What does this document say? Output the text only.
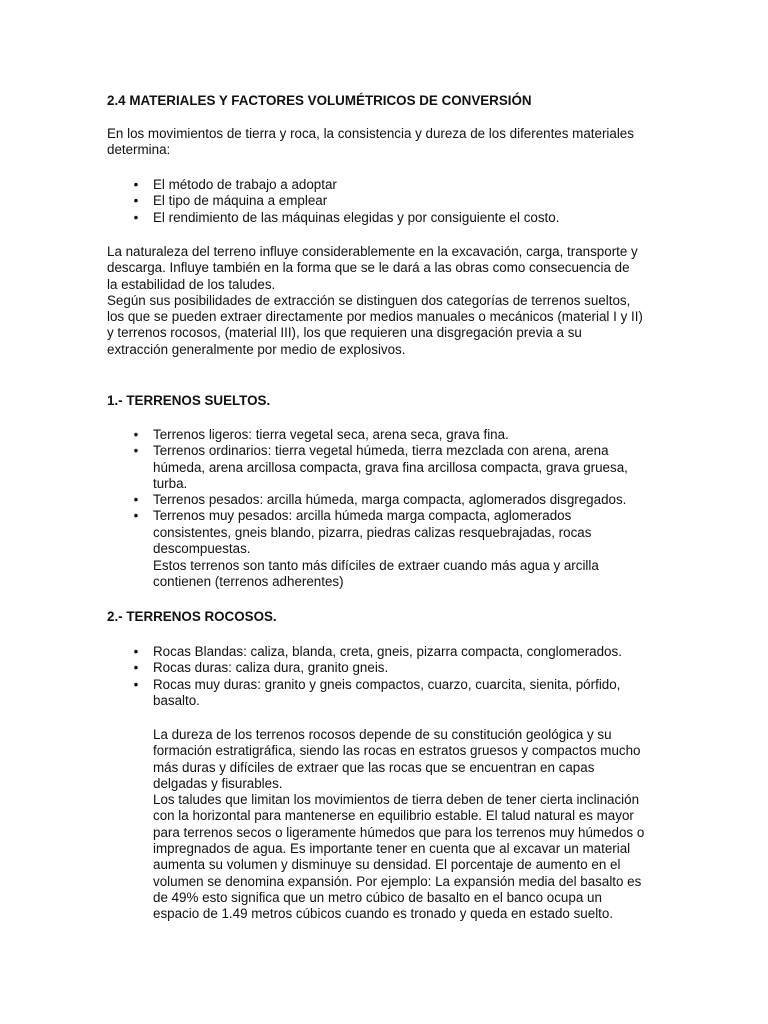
2.4 MATERIALES Y FACTORES VOLUMÉTRICOS DE CONVERSIÓN
En los movimientos de tierra y roca, la consistencia y dureza de los diferentes materiales
determina:
• El método de trabajo a adoptar
• El tipo de máquina a emplear
• El rendimiento de las máquinas elegidas y por consiguiente el costo.
La naturaleza del terreno influye considerablemente en la excavación, carga, transporte y
descarga. Influye también en la forma que se le dará a las obras como consecuencia de
la estabilidad de los taludes.
Según sus posibilidades de extracción se distinguen dos categorías de terrenos sueltos,
los que se pueden extraer directamente por medios manuales o mecánicos (material I y II)
y terrenos rocosos, (material III), los que requieren una disgregación previa a su
extracción generalmente por medio de explosivos.
1.- TERRENOS SUELTOS.
• Terrenos ligeros: tierra vegetal seca, arena seca, grava fina.
• Terrenos ordinarios: tierra vegetal húmeda, tierra mezclada con arena, arena
húmeda, arena arcillosa compacta, grava fina arcillosa compacta, grava gruesa,
turba.
• Terrenos pesados: arcilla húmeda, marga compacta, aglomerados disgregados.
• Terrenos muy pesados: arcilla húmeda marga compacta, aglomerados
consistentes, gneis blando, pizarra, piedras calizas resquebrajadas, rocas
descompuestas.
Estos terrenos son tanto más difíciles de extraer cuando más agua y arcilla
contienen (terrenos adherentes)
2.- TERRENOS ROCOSOS.
• Rocas Blandas: caliza, blanda, creta, gneis, pizarra compacta, conglomerados.
• Rocas duras: caliza dura, granito gneis.
• Rocas muy duras: granito y gneis compactos, cuarzo, cuarcita, sienita, pórfido,
basalto.
La dureza de los terrenos rocosos depende de su constitución geológica y su
formación estratigráfica, siendo las rocas en estratos gruesos y compactos mucho
más duras y difíciles de extraer que las rocas que se encuentran en capas
delgadas y fisurables.
Los taludes que limitan los movimientos de tierra deben de tener cierta inclinación
con la horizontal para mantenerse en equilibrio estable. El talud natural es mayor
para terrenos secos o ligeramente húmedos que para los terrenos muy húmedos o
impregnados de agua. Es importante tener en cuenta que al excavar un material
aumenta su volumen y disminuye su densidad. El porcentaje de aumento en el
volumen se denomina expansión. Por ejemplo: La expansión media del basalto es
de 49% esto significa que un metro cúbico de basalto en el banco ocupa un
espacio de 1.49 metros cúbicos cuando es tronado y queda en estado suelto.
